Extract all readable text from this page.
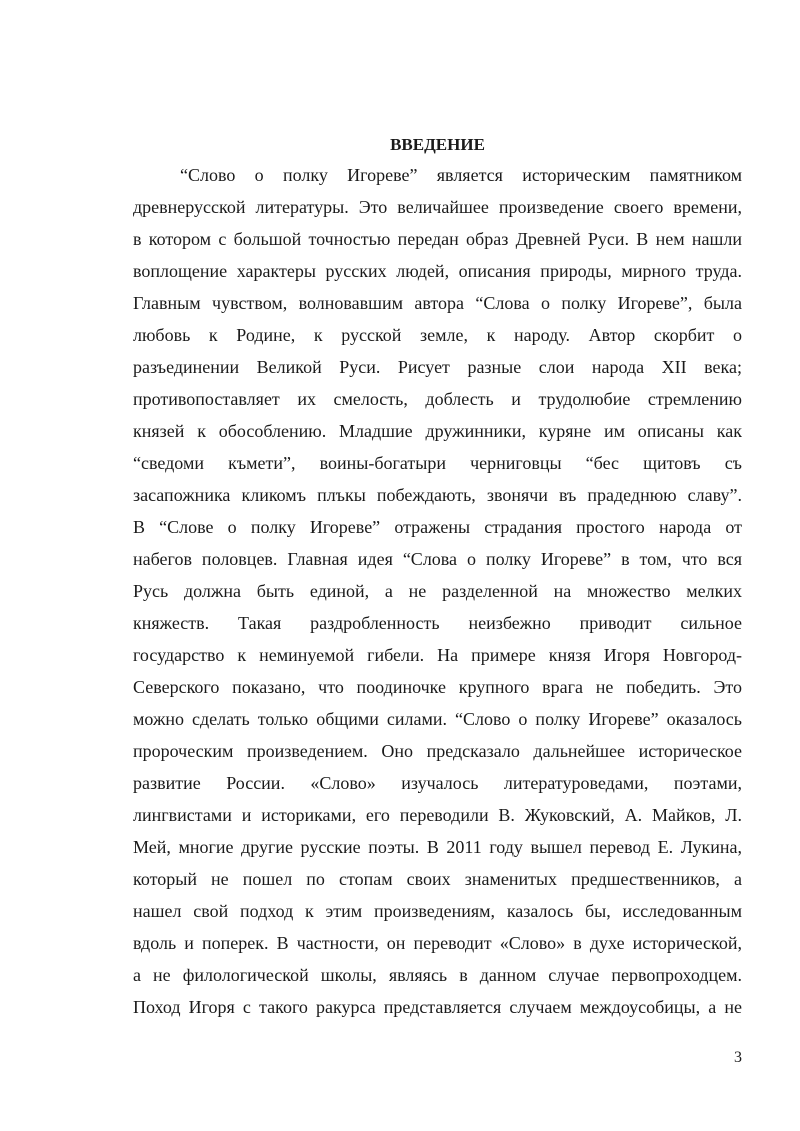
ВВЕДЕНИЕ
“Слово о полку Игореве” является историческим памятником
древнерусской литературы. Это величайшее произведение своего времени,
в котором с большой точностью передан образ Древней Руси. В нем нашли
воплощение характеры русских людей, описания природы, мирного труда.
Главным чувством, волновавшим автора “Слова о полку Игореве”, была
любовь к Родине, к русской земле, к народу. Автор скорбит о
разъединении Великой Руси. Рисует разные слои народа XII века;
противопоставляет их смелость, доблесть и трудолюбие стремлению
князей к обособлению. Младшие дружинники, куряне им описаны как
“сведоми къмети”, воины-богатыри черниговцы “бес щитовъ съ
засапожника кликомъ плъкы побеждають, звонячи въ прадеднюю славу”.
В “Слове о полку Игореве” отражены страдания простого народа от
набегов половцев. Главная идея “Слова о полку Игореве” в том, что вся
Русь должна быть единой, а не разделенной на множество мелких
княжеств. Такая раздробленность неизбежно приводит сильное
государство к неминуемой гибели. На примере князя Игоря Новгород-
Северского показано, что поодиночке крупного врага не победить. Это
можно сделать только общими силами. “Слово о полку Игореве” оказалось
пророческим произведением. Оно предсказало дальнейшее историческое
развитие России. «Слово» изучалось литературоведами, поэтами,
лингвистами и историками, его переводили В. Жуковский, А. Майков, Л.
Мей, многие другие русские поэты. В 2011 году вышел перевод Е. Лукина,
который не пошел по стопам своих знаменитых предшественников, а
нашел свой подход к этим произведениям, казалось бы, исследованным
вдоль и поперек. В частности, он переводит «Слово» в духе исторической,
а не филологической школы, являясь в данном случае первопроходцем.
Поход Игоря с такого ракурса представляется случаем междоусобицы, а не
3
